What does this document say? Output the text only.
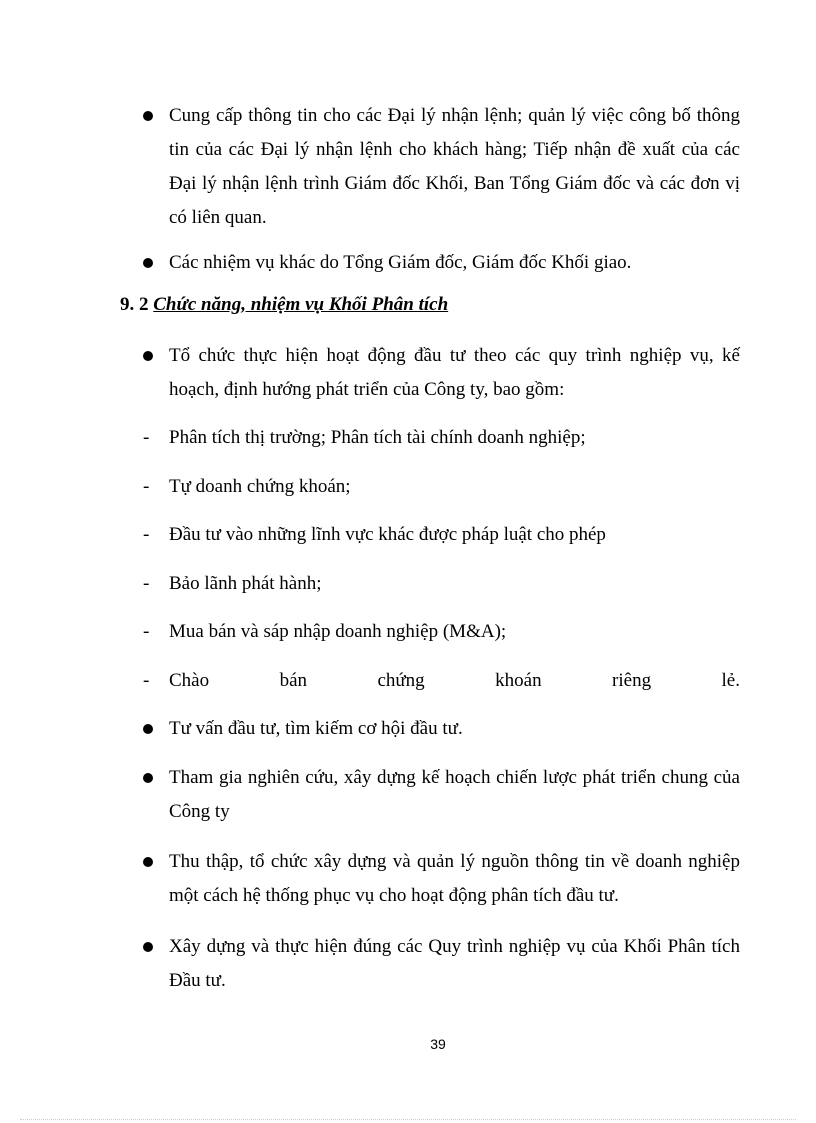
Cung cấp thông tin cho các Đại lý nhận lệnh; quản lý việc công bố thông tin của các Đại lý nhận lệnh cho khách hàng; Tiếp nhận đề xuất của các Đại lý nhận lệnh trình Giám đốc Khối, Ban Tổng Giám đốc và các đơn vị có liên quan.
Các nhiệm vụ khác do Tổng Giám đốc, Giám đốc Khối giao.
9. 2 Chức năng, nhiệm vụ Khối Phân tích
Tổ chức thực hiện hoạt động đầu tư theo các quy trình nghiệp vụ, kế hoạch, định hướng phát triển của Công ty, bao gồm:
- Phân tích thị trường; Phân tích tài chính doanh nghiệp;
- Tự doanh chứng khoán;
- Đầu tư vào những lĩnh vực khác được pháp luật cho phép
- Bảo lãnh phát hành;
- Mua bán và sáp nhập doanh nghiệp (M&A);
- Chào	bán	chứng	khoán	riêng	lẻ.
Tư vấn đầu tư, tìm kiếm cơ hội đầu tư.
Tham gia nghiên cứu, xây dựng kế hoạch chiến lược phát triển chung của Công ty
Thu thập, tổ chức xây dựng và quản lý nguồn thông tin về doanh nghiệp một cách hệ thống phục vụ cho hoạt động phân tích đầu tư.
Xây dựng và thực hiện đúng các Quy trình nghiệp vụ của Khối Phân tích Đầu tư.
39
